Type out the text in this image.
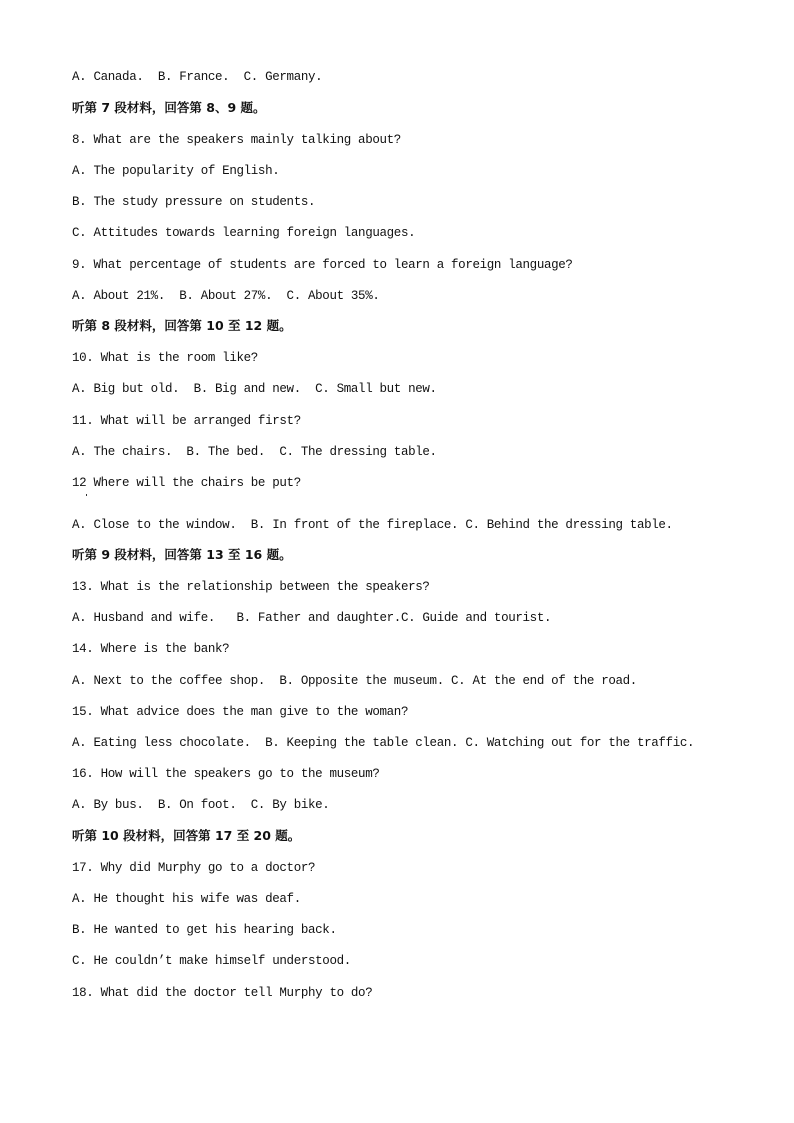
A. Canada.  B. France.  C. Germany.
听第 7 段材料，回答第 8、9 题。
8. What are the speakers mainly talking about?
A. The popularity of English.
B. The study pressure on students.
C. Attitudes towards learning foreign languages.
9. What percentage of students are forced to learn a foreign language?
A. About 21%.  B. About 27%.  C. About 35%.
听第 8 段材料，回答第 10 至 12 题。
10. What is the room like?
A. Big but old.  B. Big and new.  C. Small but new.
11. What will be arranged first?
A. The chairs.  B. The bed.  C. The dressing table.
12 Where will the chairs be put?
A. Close to the window.  B. In front of the fireplace. C. Behind the dressing table.
听第 9 段材料，回答第 13 至 16 题。
13. What is the relationship between the speakers?
A. Husband and wife.   B. Father and daughter.C. Guide and tourist.
14. Where is the bank?
A. Next to the coffee shop.  B. Opposite the museum. C. At the end of the road.
15. What advice does the man give to the woman?
A. Eating less chocolate.  B. Keeping the table clean. C. Watching out for the traffic.
16. How will the speakers go to the museum?
A. By bus.  B. On foot.  C. By bike.
听第 10 段材料，回答第 17 至 20 题。
17. Why did Murphy go to a doctor?
A. He thought his wife was deaf.
B. He wanted to get his hearing back.
C. He couldn’t make himself understood.
18. What did the doctor tell Murphy to do?
